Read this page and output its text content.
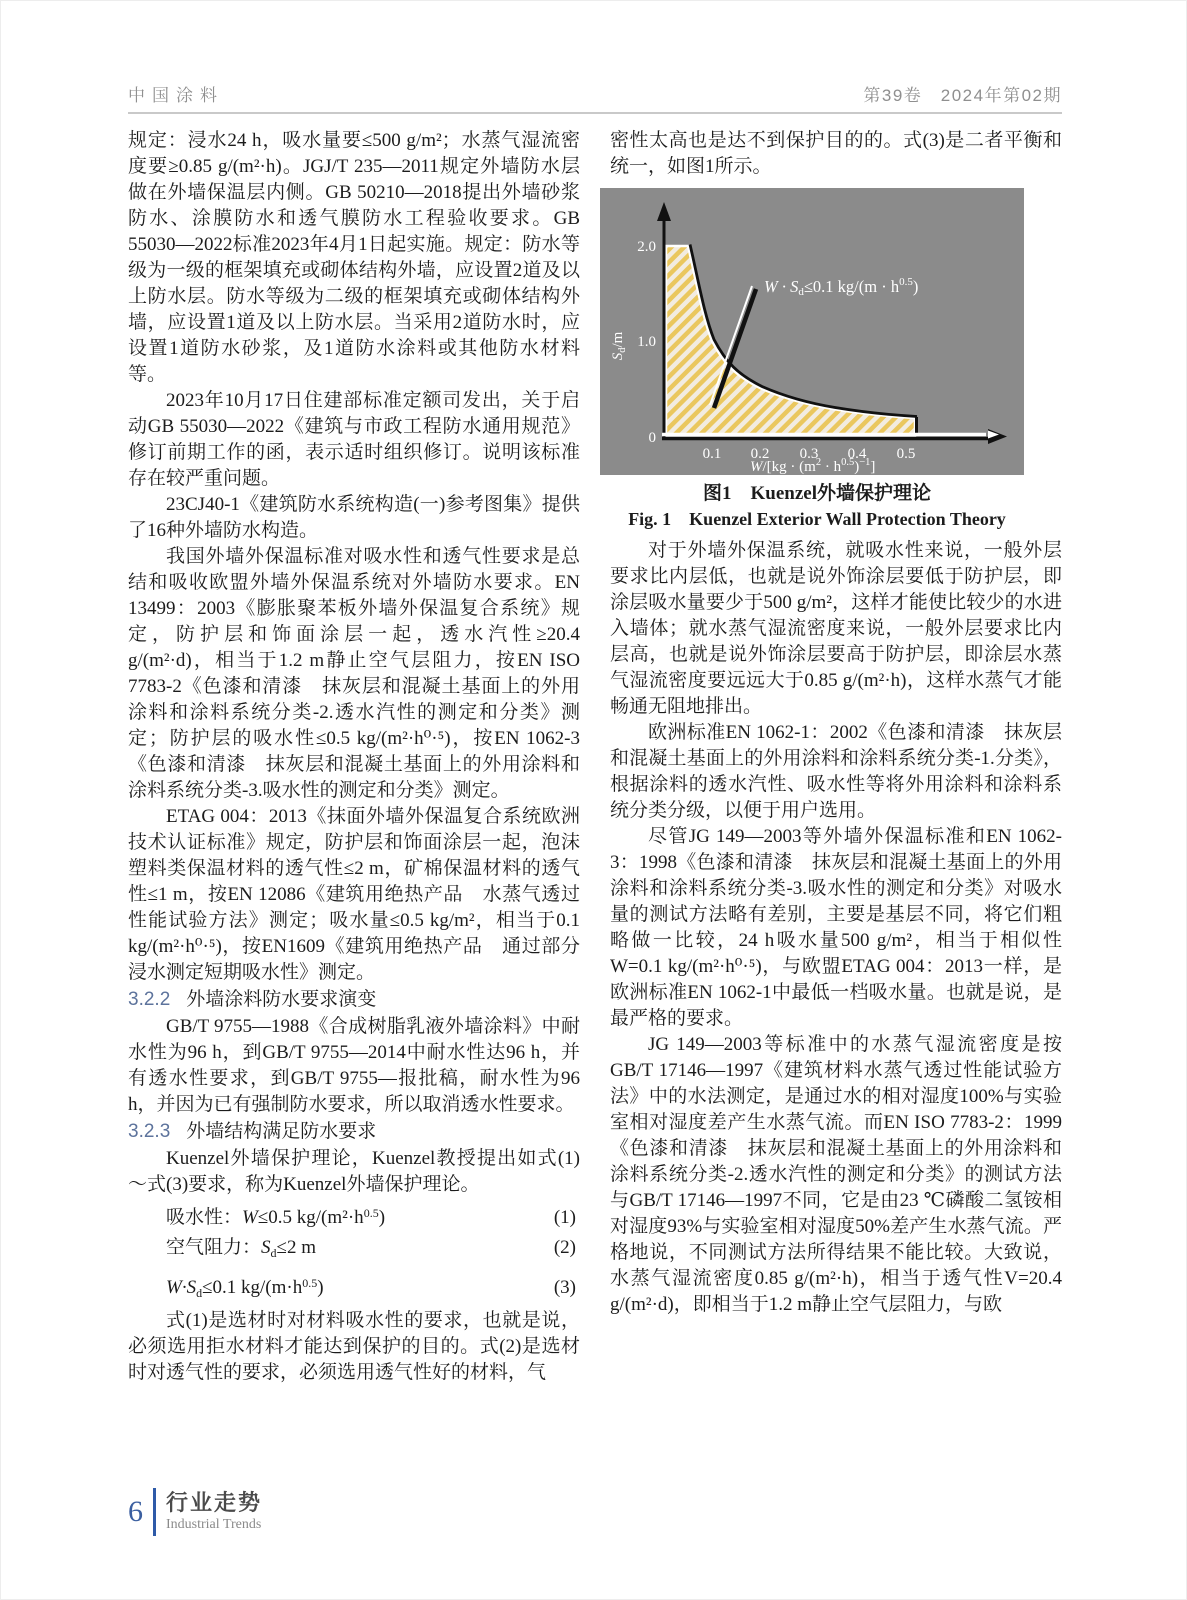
中国涂料	第39卷　2024年第02期

规定：浸水24 h，吸水量要≤500 g/m²；水蒸气湿流密度要≥0.85 g/(m²·h)。JGJ/T 235—2011规定外墙防水层做在外墙保温层内侧。GB 50210—2018提出外墙砂浆防水、涂膜防水和透气膜防水工程验收要求。GB 55030—2022标准2023年4月1日起实施。规定：防水等级为一级的框架填充或砌体结构外墙，应设置2道及以上防水层。防水等级为二级的框架填充或砌体结构外墙，应设置1道及以上防水层。当采用2道防水时，应设置1道防水砂浆，及1道防水涂料或其他防水材料等。

2023年10月17日住建部标准定额司发出，关于启动GB 55030—2022《建筑与市政工程防水通用规范》修订前期工作的函，表示适时组织修订。说明该标准存在较严重问题。

23CJ40-1《建筑防水系统构造(一)参考图集》提供了16种外墙防水构造。

我国外墙外保温标准对吸水性和透气性要求是总结和吸收欧盟外墙外保温系统对外墙防水要求。EN 13499：2003《膨胀聚苯板外墙外保温复合系统》规定，防护层和饰面涂层一起，透水汽性≥20.4 g/(m²·d)，相当于1.2 m静止空气层阻力，按EN ISO 7783-2《色漆和清漆　抹灰层和混凝土基面上的外用涂料和涂料系统分类-2.透水汽性的测定和分类》测定；防护层的吸水性≤0.5 kg/(m²·h⁰·⁵)，按EN 1062-3《色漆和清漆　抹灰层和混凝土基面上的外用涂料和涂料系统分类-3.吸水性的测定和分类》测定。

ETAG 004：2013《抹面外墙外保温复合系统欧洲技术认证标准》规定，防护层和饰面涂层一起，泡沫塑料类保温材料的透气性≤2 m，矿棉保温材料的透气性≤1 m，按EN 12086《建筑用绝热产品　水蒸气透过性能试验方法》测定；吸水量≤0.5 kg/m²，相当于0.1 kg/(m²·h⁰·⁵)，按EN1609《建筑用绝热产品　通过部分浸水测定短期吸水性》测定。

3.2.2 外墙涂料防水要求演变

GB/T 9755—1988《合成树脂乳液外墙涂料》中耐水性为96 h，到GB/T 9755—2014中耐水性达96 h，并有透水性要求，到GB/T 9755—报批稿，耐水性为96 h，并因为已有强制防水要求，所以取消透水性要求。

3.2.3 外墙结构满足防水要求

Kuenzel外墙保护理论，Kuenzel教授提出如式(1)～式(3)要求，称为Kuenzel外墙保护理论。

吸水性：W≤0.5 $kg/(m^2\cdot h^{0.5})$	(1)
空气阻力：$S_d\le 2$ m	(2)
$W\cdot S_d\le 0.1$ $kg/(m\cdot h^{0.5})$	(3)

式(1)是选材时对材料吸水性的要求，也就是说，必须选用拒水材料才能达到保护的目的。式(2)是选材时对透气性的要求，必须选用透气性好的材料，气

密性太高也是达不到保护目的的。式(3)是二者平衡和统一，如图1所示。

W · Sd≤0.1 $kg/(m \cdot h^{0.5})$
2.0
1.0
0
0.1 0.2 0.3 0.4 0.5
$S_d/m$
$W/[kg \cdot (m^2 \cdot h^{0.5})^{-1}]$
图1　Kuenzel外墙保护理论
Fig. 1　Kuenzel Exterior Wall Protection Theory

对于外墙外保温系统，就吸水性来说，一般外层要求比内层低，也就是说外饰涂层要低于防护层，即涂层吸水量要少于500 g/m²，这样才能使比较少的水进入墙体；就水蒸气湿流密度来说，一般外层要求比内层高，也就是说外饰涂层要高于防护层，即涂层水蒸气湿流密度要远远大于0.85 g/(m²·h)，这样水蒸气才能畅通无阻地排出。

欧洲标准EN 1062-1：2002《色漆和清漆　抹灰层和混凝土基面上的外用涂料和涂料系统分类-1.分类》，根据涂料的透水汽性、吸水性等将外用涂料和涂料系统分类分级，以便于用户选用。

尽管JG 149—2003等外墙外保温标准和EN 1062-3：1998《色漆和清漆　抹灰层和混凝土基面上的外用涂料和涂料系统分类-3.吸水性的测定和分类》对吸水量的测试方法略有差别，主要是基层不同，将它们粗略做一比较，24 h吸水量500 g/m²，相当于相似性W=0.1 kg/(m²·h⁰·⁵)，与欧盟ETAG 004：2013一样，是欧洲标准EN 1062-1中最低一档吸水量。也就是说，是最严格的要求。

JG 149—2003等标准中的水蒸气湿流密度是按GB/T 17146—1997《建筑材料水蒸气透过性能试验方法》中的水法测定，是通过水的相对湿度100%与实验室相对湿度差产生水蒸气流。而EN ISO 7783-2：1999《色漆和清漆　抹灰层和混凝土基面上的外用涂料和涂料系统分类-2.透水汽性的测定和分类》的测试方法与GB/T 17146—1997不同，它是由23 ℃磷酸二氢铵相对湿度93%与实验室相对湿度50%差产生水蒸气流。严格地说，不同测试方法所得结果不能比较。大致说，水蒸气湿流密度0.85 g/(m²·h)，相当于透气性V=20.4 g/(m²·d)，即相当于1.2 m静止空气层阻力，与欧

6 行业走势
Industrial Trends
